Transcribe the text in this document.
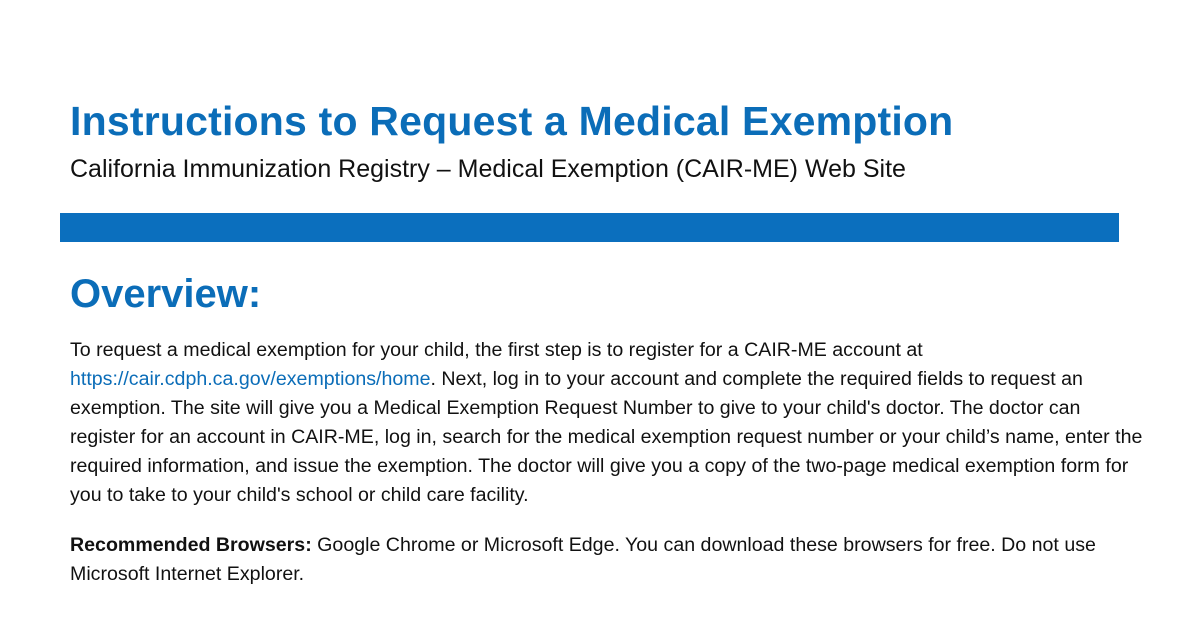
Instructions to Request a Medical Exemption
California Immunization Registry – Medical Exemption (CAIR-ME) Web Site
Overview:

To request a medical exemption for your child, the first step is to register for a CAIR-ME account at https://cair.cdph.ca.gov/exemptions/home. Next, log in to your account and complete the required fields to request an exemption. The site will give you a Medical Exemption Request Number to give to your child's doctor. The doctor can register for an account in CAIR-ME, log in, search for the medical exemption request number or your child’s name, enter the required information, and issue the exemption. The doctor will give you a copy of the two-page medical exemption form for you to take to your child's school or child care facility.

Recommended Browsers: Google Chrome or Microsoft Edge. You can download these browsers for free. Do not use Microsoft Internet Explorer.
